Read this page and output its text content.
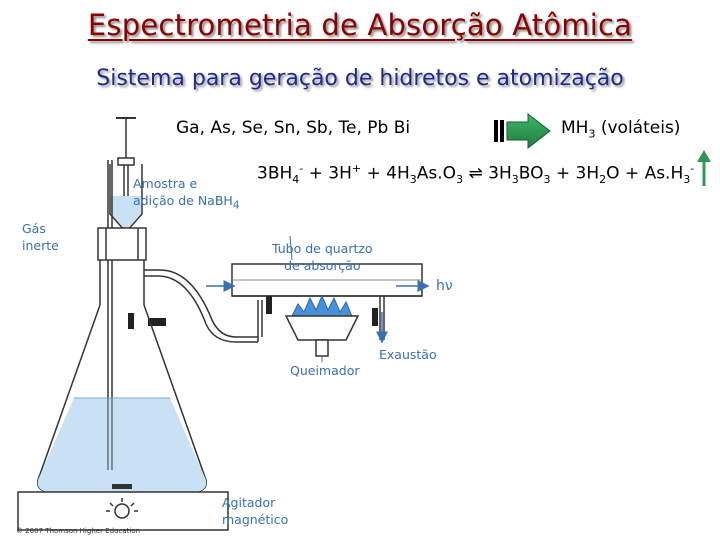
Espectrometria de Absorção Atômica
Sistema para geração de hidretos e atomização
Ga, As, Se, Sn, Sb, Te, Pb Bi	$MH_3$ (voláteis)
$3BH_4^- + 3H^+ + 4H_3As.O_3$ ⇌ $3H_3BO_3 + 3H_2O + As.H_3^-$
Amostra e
adição de NaBH$_4$
Gás
inerte	Tubo de quartzo
de absorção
hν
Exaustão
Queimador
Agitador
magnético
© 2007 Thomson Higher Education
